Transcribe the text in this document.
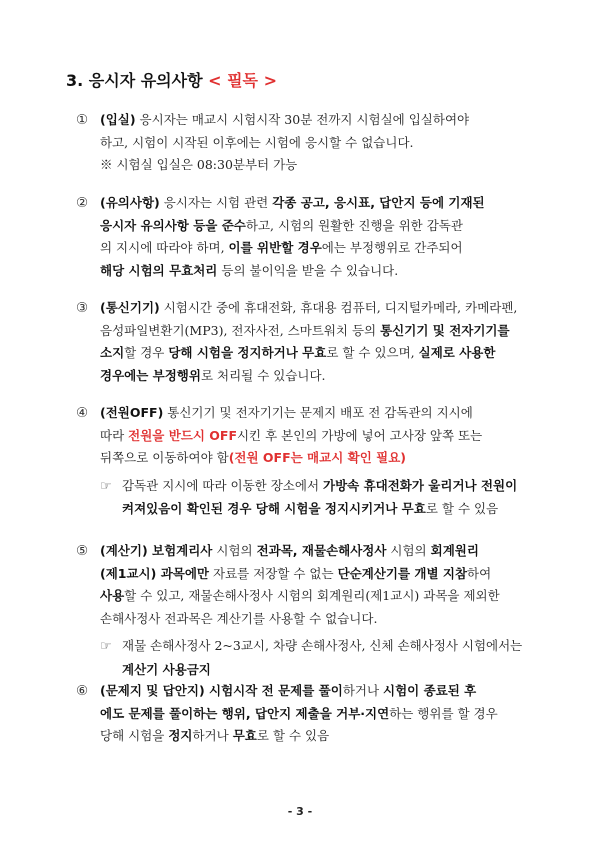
3. 응시자 유의사항 < 필독 >
① (입실) 응시자는 매교시 시험시작 30분 전까지 시험실에 입실하여야
하고, 시험이 시작된 이후에는 시험에 응시할 수 없습니다.
※ 시험실 입실은 08:30분부터 가능
② (유의사항) 응시자는 시험 관련 각종 공고, 응시표, 답안지 등에 기재된
응시자 유의사항 등을 준수하고, 시험의 원활한 진행을 위한 감독관
의 지시에 따라야 하며, 이를 위반할 경우에는 부정행위로 간주되어
해당 시험의 무효처리 등의 불이익을 받을 수 있습니다.
③ (통신기기) 시험시간 중에 휴대전화, 휴대용 컴퓨터, 디지털카메라, 카메라펜,
음성파일변환기(MP3), 전자사전, 스마트워치 등의 통신기기 및 전자기기를
소지할 경우 당해 시험을 정지하거나 무효로 할 수 있으며, 실제로 사용한
경우에는 부정행위로 처리될 수 있습니다.
④ (전원OFF) 통신기기 및 전자기기는 문제지 배포 전 감독관의 지시에
따라 전원을 반드시 OFF시킨 후 본인의 가방에 넣어 고사장 앞쪽 또는
뒤쪽으로 이동하여야 함(전원 OFF는 매교시 확인 필요)
☞ 감독관 지시에 따라 이동한 장소에서 가방속 휴대전화가 울리거나 전원이
켜져있음이 확인된 경우 당해 시험을 정지시키거나 무효로 할 수 있음
⑤ (계산기) 보험계리사 시험의 전과목, 재물손해사정사 시험의 회계원리
(제1교시) 과목에만 자료를 저장할 수 없는 단순계산기를 개별 지참하여
사용할 수 있고, 재물손해사정사 시험의 회계원리(제1교시) 과목을 제외한
손해사정사 전과목은 계산기를 사용할 수 없습니다.
☞ 재물 손해사정사 2~3교시, 차량 손해사정사, 신체 손해사정사 시험에서는
계산기 사용금지
⑥ (문제지 및 답안지) 시험시작 전 문제를 풀이하거나 시험이 종료된 후
에도 문제를 풀이하는 행위, 답안지 제출을 거부·지연하는 행위를 할 경우
당해 시험을 정지하거나 무효로 할 수 있음
- 3 -
